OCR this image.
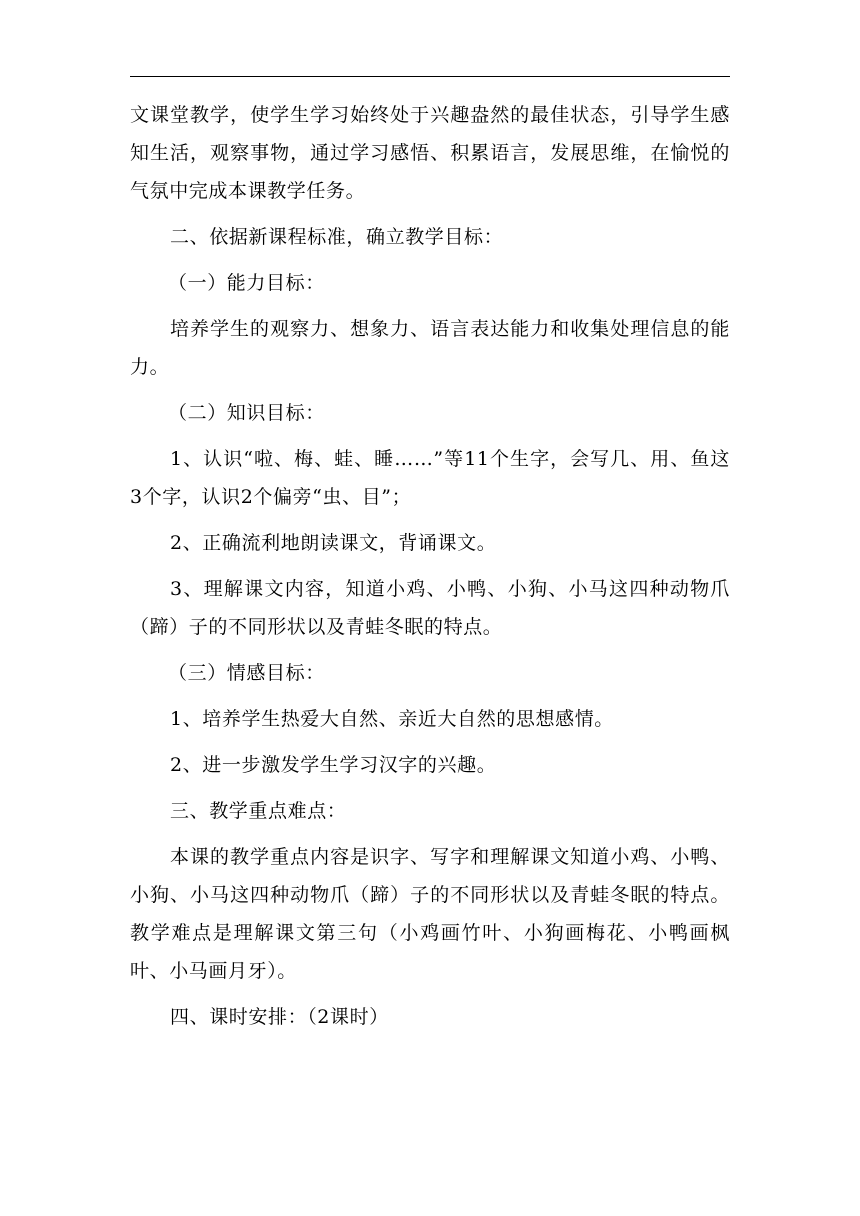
文课堂教学，使学生学习始终处于兴趣盎然的最佳状态，引导学生感知生活，观察事物，通过学习感悟、积累语言，发展思维，在愉悦的气氛中完成本课教学任务。

二、依据新课程标准，确立教学目标：

（一）能力目标：

培养学生的观察力、想象力、语言表达能力和收集处理信息的能力。

（二）知识目标：

1、认识“啦、梅、蛙、睡……”等11个生字，会写几、用、鱼这3个字，认识2个偏旁“虫、目”；

2、正确流利地朗读课文，背诵课文。

3、理解课文内容，知道小鸡、小鸭、小狗、小马这四种动物爪（蹄）子的不同形状以及青蛙冬眠的特点。

（三）情感目标：

1、培养学生热爱大自然、亲近大自然的思想感情。

2、进一步激发学生学习汉字的兴趣。

三、教学重点难点：

本课的教学重点内容是识字、写字和理解课文知道小鸡、小鸭、小狗、小马这四种动物爪（蹄）子的不同形状以及青蛙冬眠的特点。教学难点是理解课文第三句（小鸡画竹叶、小狗画梅花、小鸭画枫叶、小马画月牙）。

四、课时安排：（2课时）
